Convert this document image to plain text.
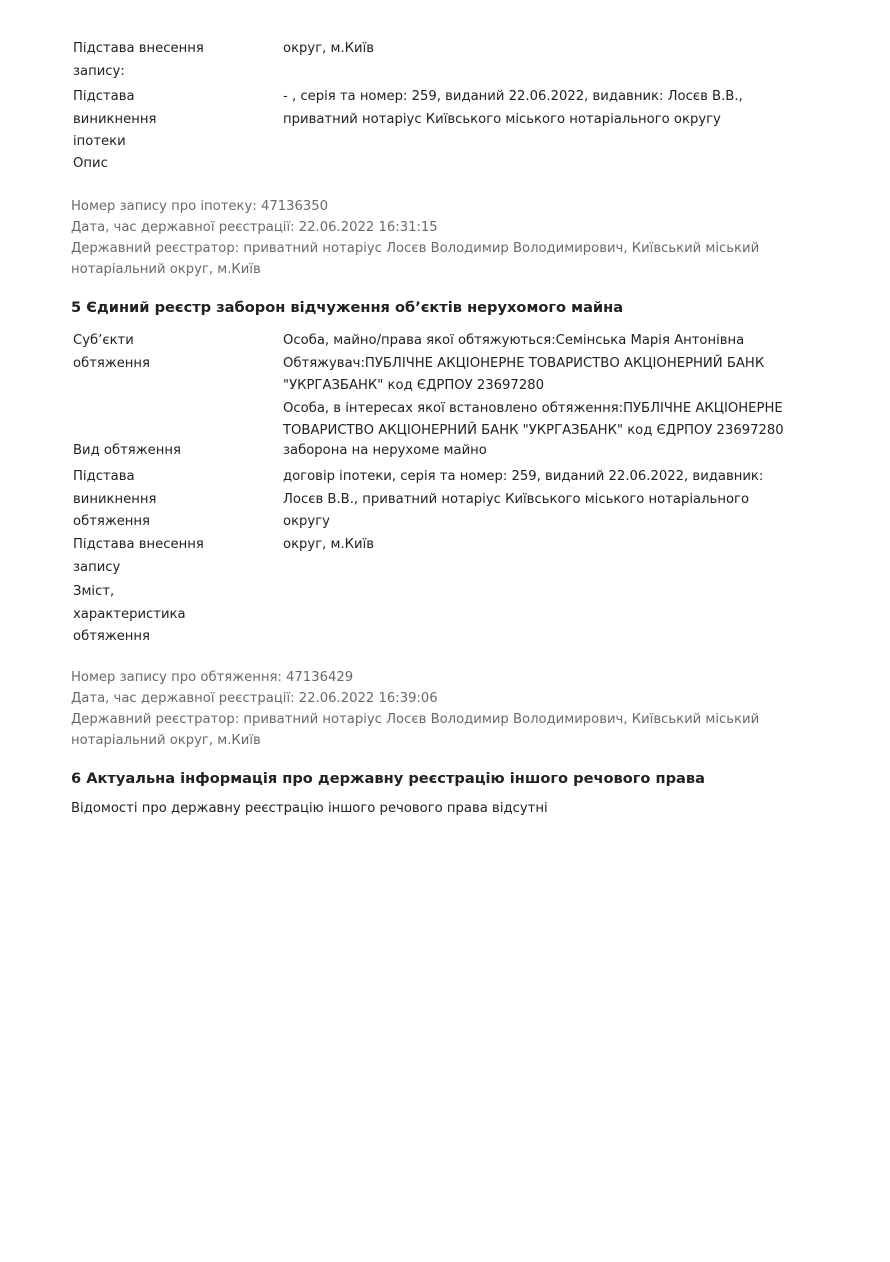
Підстава внесення
запису:
округ, м.Київ
Підстава
виникнення
іпотеки
- , серія та номер: 259, виданий 22.06.2022, видавник: Лосєв В.В.,
приватний нотаріус Київського міського нотаріального округу
Опис
Номер запису про іпотеку: 47136350
Дата, час державної реєстрації: 22.06.2022 16:31:15
Державний реєстратор: приватний нотаріус Лосєв Володимир Володимирович, Київський міський
нотаріальний округ, м.Київ
5 Єдиний реєстр заборон відчуження об’єктів нерухомого майна
Суб’єкти
обтяження
Особа, майно/права якої обтяжуються:Семінська Марія Антонівна
Обтяжувач:ПУБЛІЧНЕ АКЦІОНЕРНЕ ТОВАРИСТВО АКЦІОНЕРНИЙ БАНК
"УКРГАЗБАНК" код ЄДРПОУ 23697280
Особа, в інтересах якої встановлено обтяження:ПУБЛІЧНЕ АКЦІОНЕРНЕ
ТОВАРИСТВО АКЦІОНЕРНИЙ БАНК "УКРГАЗБАНК" код ЄДРПОУ 23697280
Вид обтяження	заборона на нерухоме майно
Підстава
виникнення
обтяження
договір іпотеки, серія та номер: 259, виданий 22.06.2022, видавник:
Лосєв В.В., приватний нотаріус Київського міського нотаріального
округу
Підстава внесення
запису
округ, м.Київ
Зміст,
характеристика
обтяження
Номер запису про обтяження: 47136429
Дата, час державної реєстрації: 22.06.2022 16:39:06
Державний реєстратор: приватний нотаріус Лосєв Володимир Володимирович, Київський міський
нотаріальний округ, м.Київ
6 Актуальна інформація про державну реєстрацію іншого речового права
Відомості про державну реєстрацію іншого речового права відсутні
